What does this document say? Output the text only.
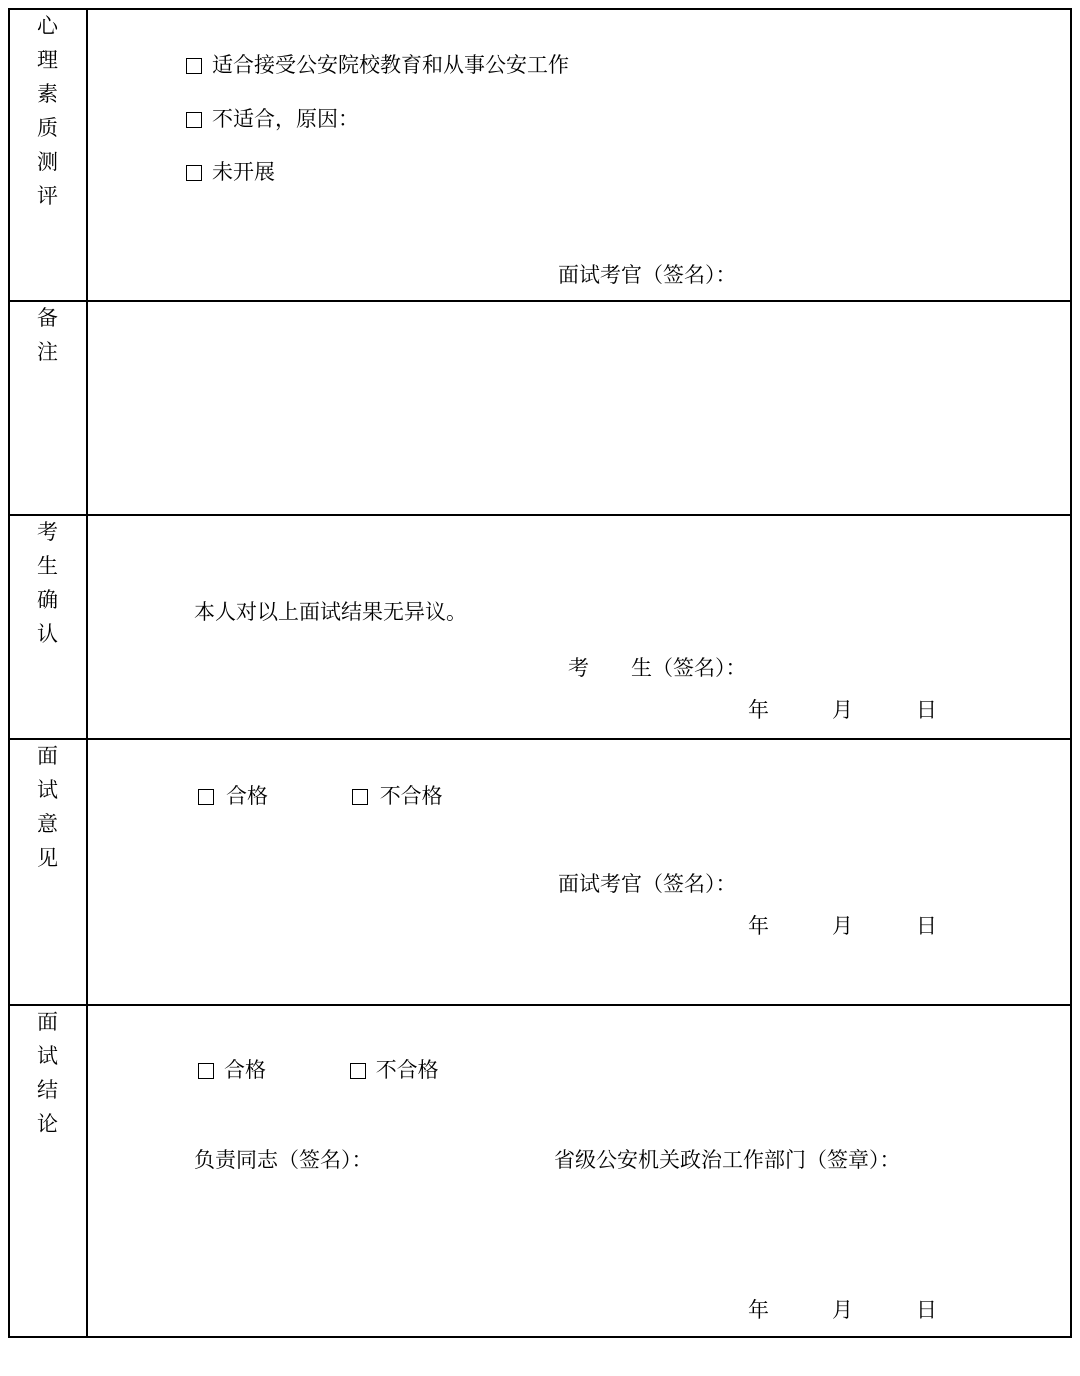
心
理
素
质
测
评

适合接受公安院校教育和从事公安工作
不适合，原因：
未开展
面试考官（签名）：

备
注	

考
生
确
认

本人对以上面试结果无异议。
考　　生（签名）：
年	月	日

面
试
意
见

合格	不合格
面试考官（签名）：
年	月	日

面
试
结
论

合格	不合格
负责同志（签名）：	省级公安机关政治工作部门（签章）：
年	月	日
